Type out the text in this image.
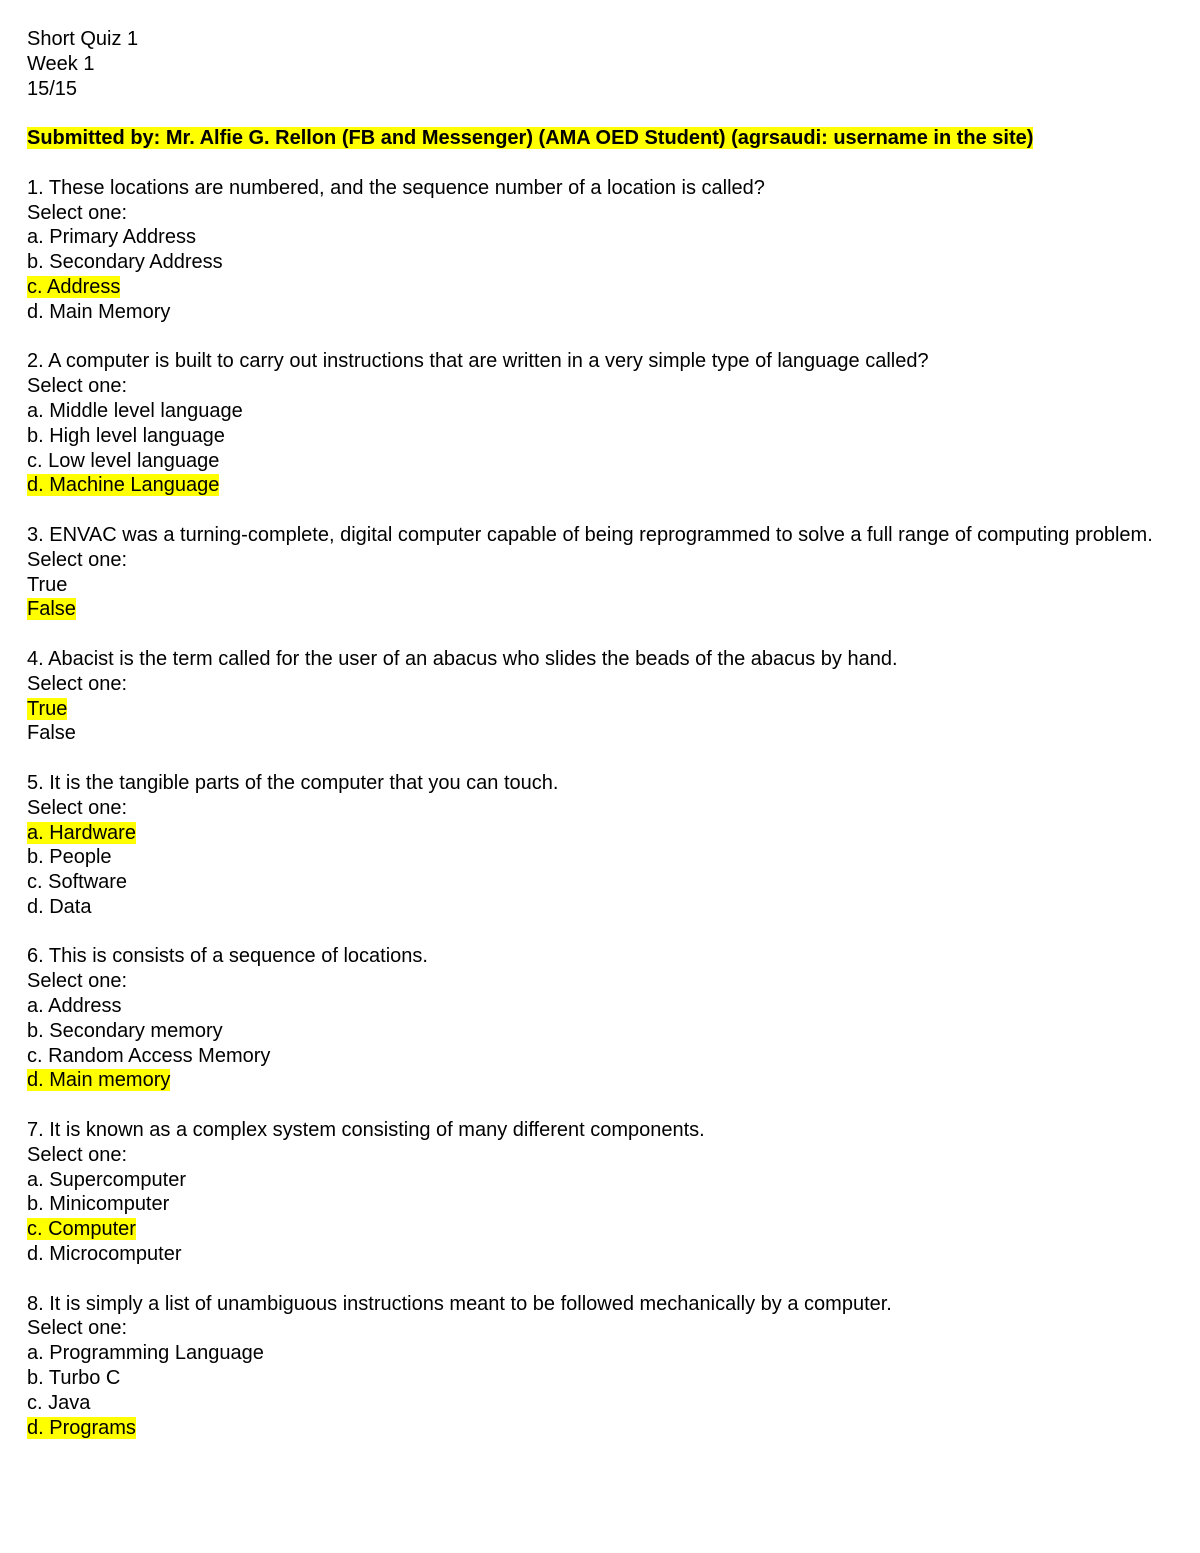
Short Quiz 1
Week 1
15/15
Submitted by: Mr. Alfie G. Rellon (FB and Messenger) (AMA OED Student) (agrsaudi: username in the site)
1. These locations are numbered, and the sequence number of a location is called?
Select one:
a. Primary Address
b. Secondary Address
c. Address
d. Main Memory
2. A computer is built to carry out instructions that are written in a very simple type of language called?
Select one:
a. Middle level language
b. High level language
c. Low level language
d. Machine Language
3. ENVAC was a turning-complete, digital computer capable of being reprogrammed to solve a full range of computing problem.
Select one:
True
False
4. Abacist is the term called for the user of an abacus who slides the beads of the abacus by hand.
Select one:
True
False
5. It is the tangible parts of the computer that you can touch.
Select one:
a. Hardware
b. People
c. Software
d. Data
6. This is consists of a sequence of locations.
Select one:
a. Address
b. Secondary memory
c. Random Access Memory
d. Main memory
7. It is known as a complex system consisting of many different components.
Select one:
a. Supercomputer
b. Minicomputer
c. Computer
d. Microcomputer
8. It is simply a list of unambiguous instructions meant to be followed mechanically by a computer.
Select one:
a. Programming Language
b. Turbo C
c. Java
d. Programs
